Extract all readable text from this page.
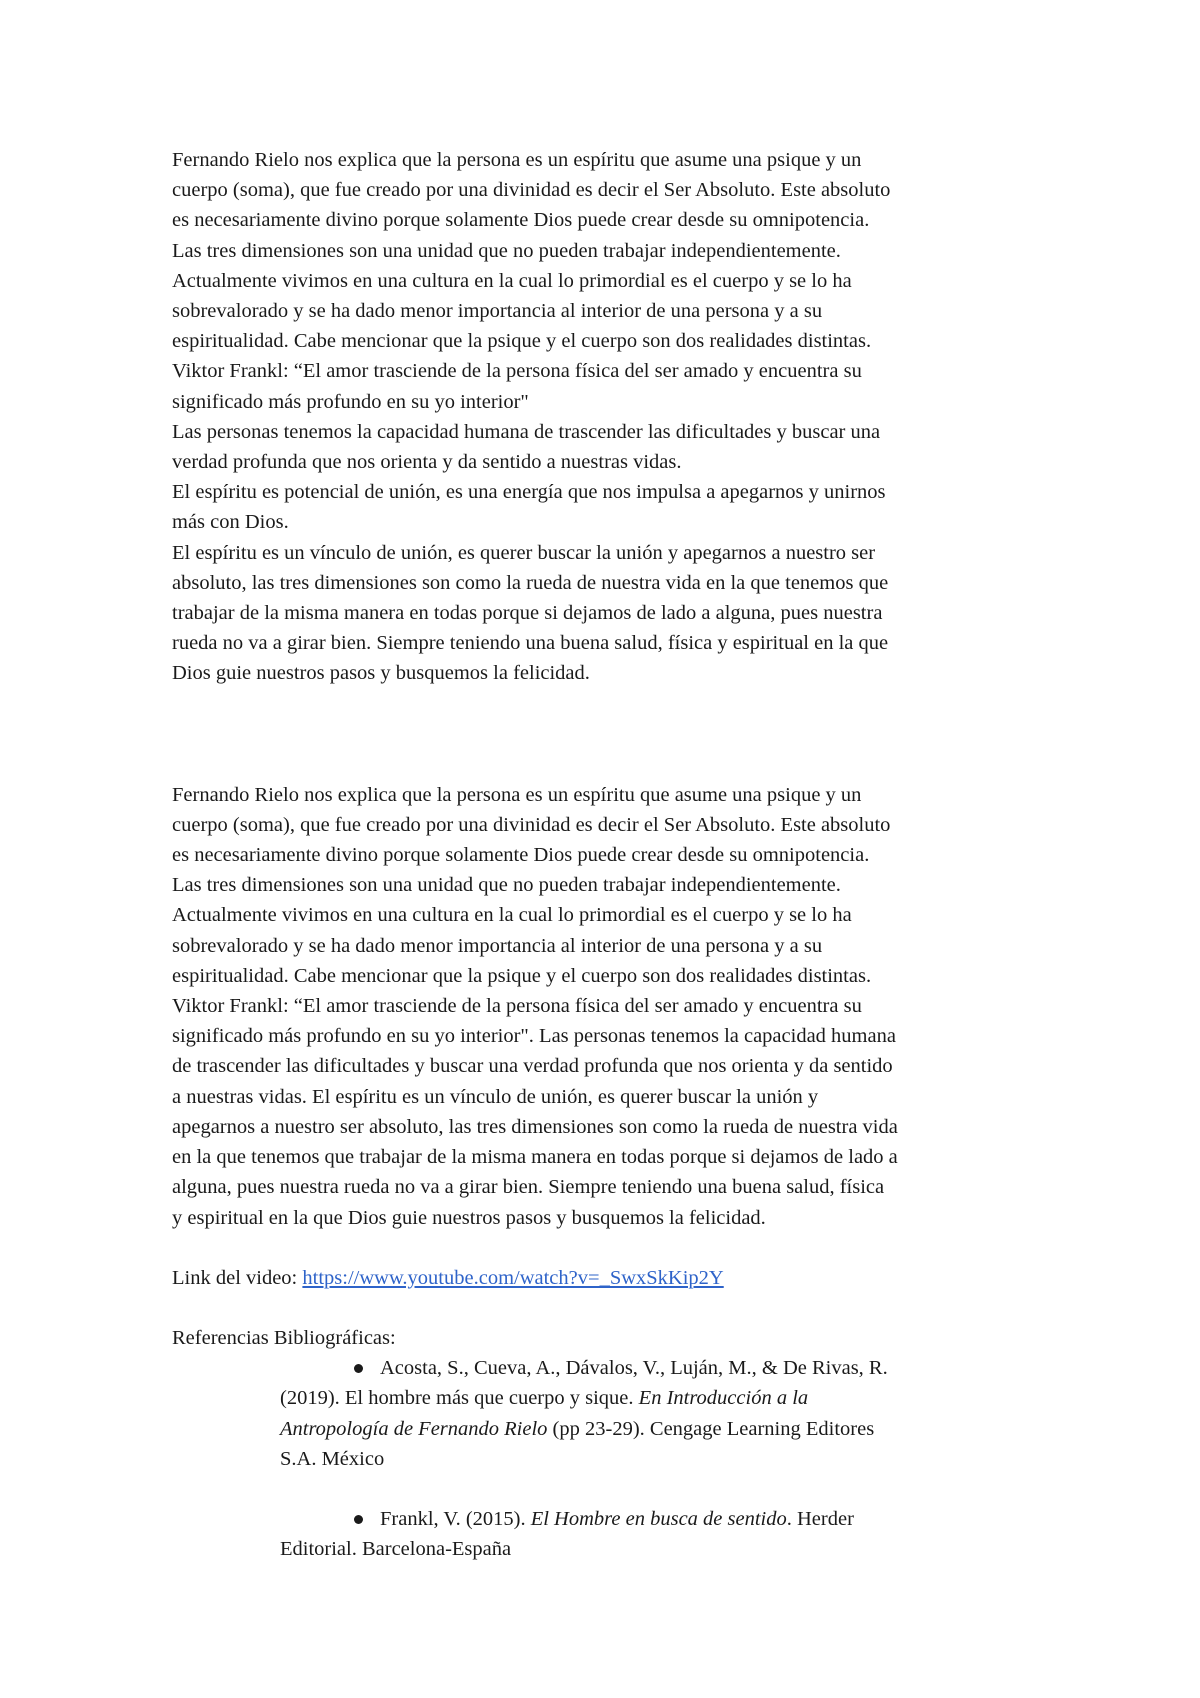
Fernando Rielo nos explica que la persona es un espíritu que asume una psique y un

cuerpo (soma), que fue creado por una divinidad es decir el Ser Absoluto. Este absoluto

es necesariamente divino porque solamente Dios puede crear desde su omnipotencia.

Las tres dimensiones son una unidad que no pueden trabajar independientemente.

Actualmente vivimos en una cultura en la cual lo primordial es el cuerpo y se lo ha

sobrevalorado y se ha dado menor importancia al interior de una persona y a su

espiritualidad. Cabe mencionar que la psique y el cuerpo son dos realidades distintas.

Viktor Frankl: “El amor trasciende de la persona física del ser amado y encuentra su

significado más profundo en su yo interior"

Las personas tenemos la capacidad humana de trascender las dificultades y buscar una

verdad profunda que nos orienta y da sentido a nuestras vidas.

El espíritu es potencial de unión, es una energía que nos impulsa a apegarnos y unirnos

más con Dios.

El espíritu es un vínculo de unión, es querer buscar la unión y apegarnos a nuestro ser

absoluto, las tres dimensiones son como la rueda de nuestra vida en la que tenemos que

trabajar de la misma manera en todas porque si dejamos de lado a alguna, pues nuestra

rueda no va a girar bien. Siempre teniendo una buena salud, física y espiritual en la que

Dios guie nuestros pasos y busquemos la felicidad.

Fernando Rielo nos explica que la persona es un espíritu que asume una psique y un

cuerpo (soma), que fue creado por una divinidad es decir el Ser Absoluto. Este absoluto

es necesariamente divino porque solamente Dios puede crear desde su omnipotencia.

Las tres dimensiones son una unidad que no pueden trabajar independientemente.

Actualmente vivimos en una cultura en la cual lo primordial es el cuerpo y se lo ha

sobrevalorado y se ha dado menor importancia al interior de una persona y a su

espiritualidad. Cabe mencionar que la psique y el cuerpo son dos realidades distintas.

Viktor Frankl: “El amor trasciende de la persona física del ser amado y encuentra su

significado más profundo en su yo interior". Las personas tenemos la capacidad humana

de trascender las dificultades y buscar una verdad profunda que nos orienta y da sentido

a nuestras vidas. El espíritu es un vínculo de unión, es querer buscar la unión y

apegarnos a nuestro ser absoluto, las tres dimensiones son como la rueda de nuestra vida

en la que tenemos que trabajar de la misma manera en todas porque si dejamos de lado a

alguna, pues nuestra rueda no va a girar bien. Siempre teniendo una buena salud, física

y espiritual en la que Dios guie nuestros pasos y busquemos la felicidad.

Link del video: https://www.youtube.com/watch?v=_SwxSkKip2Y

Referencias Bibliográficas:

Acosta, S., Cueva, A., Dávalos, V., Luján, M., & De Rivas, R.
(2019). El hombre más que cuerpo y sique. En Introducción a la
Antropología de Fernando Rielo (pp 23-29). Cengage Learning Editores
S.A. México
Frankl, V. (2015). El Hombre en busca de sentido. Herder
Editorial. Barcelona-España
